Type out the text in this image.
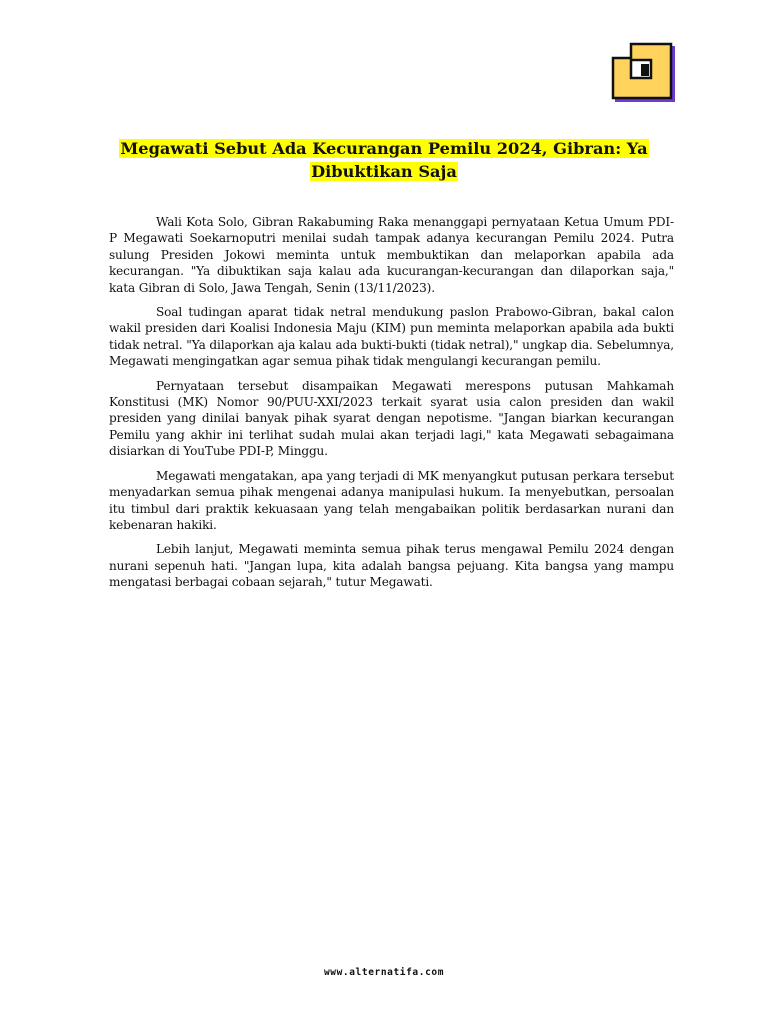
Megawati Sebut Ada Kecurangan Pemilu 2024, Gibran: Ya Dibuktikan Saja

Wali Kota Solo, Gibran Rakabuming Raka menanggapi pernyataan Ketua Umum PDI-P Megawati Soekarnoputri menilai sudah tampak adanya kecurangan Pemilu 2024. Putra sulung Presiden Jokowi meminta untuk membuktikan dan melaporkan apabila ada kecurangan. "Ya dibuktikan saja kalau ada kucurangan-kecurangan dan dilaporkan saja," kata Gibran di Solo, Jawa Tengah, Senin (13/11/2023).

Soal tudingan aparat tidak netral mendukung paslon Prabowo-Gibran, bakal calon wakil presiden dari Koalisi Indonesia Maju (KIM) pun meminta melaporkan apabila ada bukti tidak netral. "Ya dilaporkan aja kalau ada bukti-bukti (tidak netral)," ungkap dia. Sebelumnya, Megawati mengingatkan agar semua pihak tidak mengulangi kecurangan pemilu.

Pernyataan tersebut disampaikan Megawati merespons putusan Mahkamah Konstitusi (MK) Nomor 90/PUU-XXI/2023 terkait syarat usia calon presiden dan wakil presiden yang dinilai banyak pihak syarat dengan nepotisme. "Jangan biarkan kecurangan Pemilu yang akhir ini terlihat sudah mulai akan terjadi lagi," kata Megawati sebagaimana disiarkan di YouTube PDI-P, Minggu.

Megawati mengatakan, apa yang terjadi di MK menyangkut putusan perkara tersebut menyadarkan semua pihak mengenai adanya manipulasi hukum. Ia menyebutkan, persoalan itu timbul dari praktik kekuasaan yang telah mengabaikan politik berdasarkan nurani dan kebenaran hakiki.

Lebih lanjut, Megawati meminta semua pihak terus mengawal Pemilu 2024 dengan nurani sepenuh hati. "Jangan lupa, kita adalah bangsa pejuang. Kita bangsa yang mampu mengatasi berbagai cobaan sejarah," tutur Megawati.

www.alternatifa.com
